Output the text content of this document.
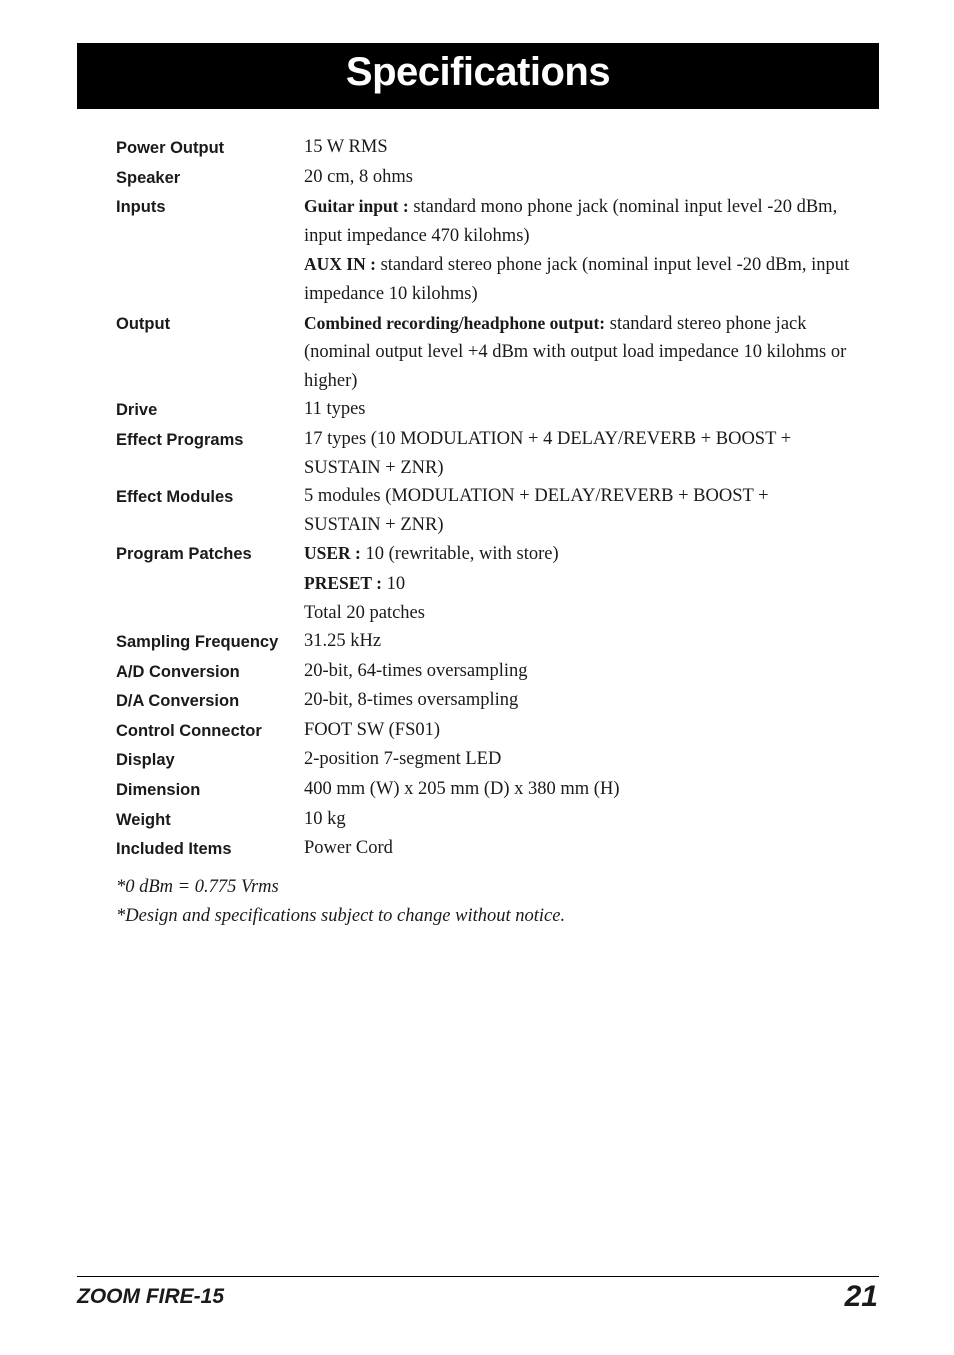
Specifications
Power Output	15 W RMS
Speaker	20 cm, 8 ohms
Inputs	Guitar input : standard mono phone jack (nominal input level -20 dBm,
input impedance 470 kilohms)
AUX IN : standard stereo phone jack (nominal input level -20 dBm, input
impedance 10 kilohms)
Output	Combined recording/headphone output: standard stereo phone jack
(nominal output level +4 dBm with output load impedance 10 kilohms or
higher)
Drive	11 types
Effect Programs	17 types (10 MODULATION + 4 DELAY/REVERB + BOOST +
SUSTAIN + ZNR)
Effect Modules	5 modules (MODULATION + DELAY/REVERB + BOOST +
SUSTAIN + ZNR)
Program Patches	USER : 10 (rewritable, with store)
PRESET : 10
Total 20 patches
Sampling Frequency	31.25 kHz
A/D Conversion	20-bit, 64-times oversampling
D/A Conversion	20-bit, 8-times oversampling
Control Connector	FOOT SW (FS01)
Display	2-position 7-segment LED
Dimension	400 mm (W) x 205 mm (D) x 380 mm (H)
Weight	10 kg
Included Items	Power Cord

*0 dBm = 0.775 Vrms

*Design and specifications subject to change without notice.

ZOOM FIRE-15	21
